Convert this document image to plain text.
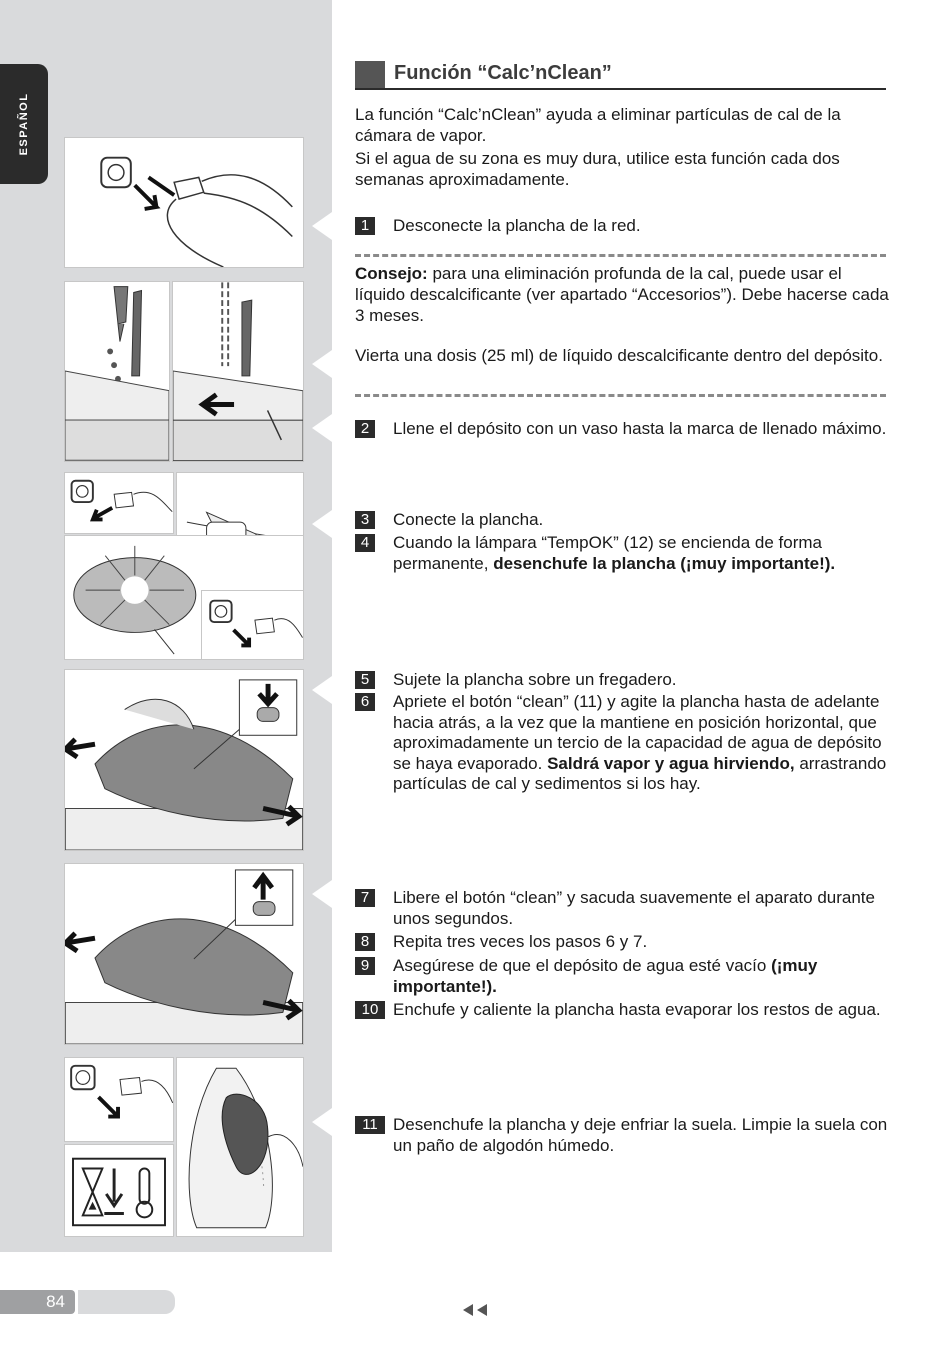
ESPAÑOL
Función “Calc’nClean”
La función “Calc’nClean” ayuda a eliminar partículas de cal de la cámara de vapor.
Si el agua de su zona es muy dura, utilice esta función cada dos semanas aproximadamente.
1	Desconecte la plancha de la red.
Consejo: para una eliminación profunda de la cal, puede usar el líquido descalcificante (ver apartado “Accesorios”). Debe hacerse cada 3 meses.
Vierta una dosis (25 ml) de líquido descalcificante dentro del depósito.
2	Llene el depósito con un vaso hasta la marca de llenado máximo.
3	Conecte la plancha.
4	Cuando la lámpara “TempOK” (12) se encienda de forma permanente, desenchufe la plancha (¡muy importante!).
5	Sujete la plancha sobre un fregadero.
6	Apriete el botón “clean” (11) y agite la plancha hasta de adelante hacia atrás, a la vez que la mantiene en posición horizontal, que aproximadamente un tercio de la capacidad de agua de depósito se haya evaporado. Saldrá vapor y agua hirviendo, arrastrando partículas de cal y sedimentos si los hay.
7	Libere el botón “clean” y sacuda suavemente el aparato durante unos segundos.
8	Repita tres veces los pasos 6 y 7.
9	Asegúrese de que el depósito de agua esté vacío (¡muy importante!).
10 Enchufe y caliente la plancha hasta evaporar los restos de agua.
11 Desenchufe la plancha y deje enfriar la suela. Limpie la suela con un paño de algodón húmedo.
84
